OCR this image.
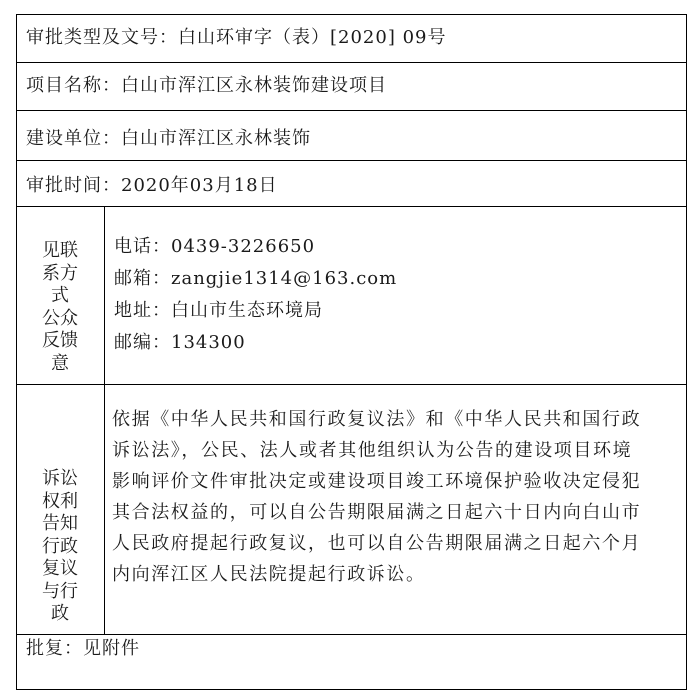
审批类型及文号：白山环审字（表）[2020] 09号
项目名称：白山市浑江区永林装饰建设项目
建设单位：白山市浑江区永林装饰
审批时间：2020年03月18日
见联
系方
式
公众
反馈
意
电话：0439-3226650
邮箱：zangjie1314@163.com
地址：白山市生态环境局
邮编：134300
诉讼
权利
告知
行政
复议
与行
政
依据《中华人民共和国行政复议法》和《中华人民共和国行政
诉讼法》，公民、法人或者其他组织认为公告的建设项目环境
影响评价文件审批决定或建设项目竣工环境保护验收决定侵犯
其合法权益的，可以自公告期限届满之日起六十日内向白山市
人民政府提起行政复议，也可以自公告期限届满之日起六个月
内向浑江区人民法院提起行政诉讼。
批复：见附件
